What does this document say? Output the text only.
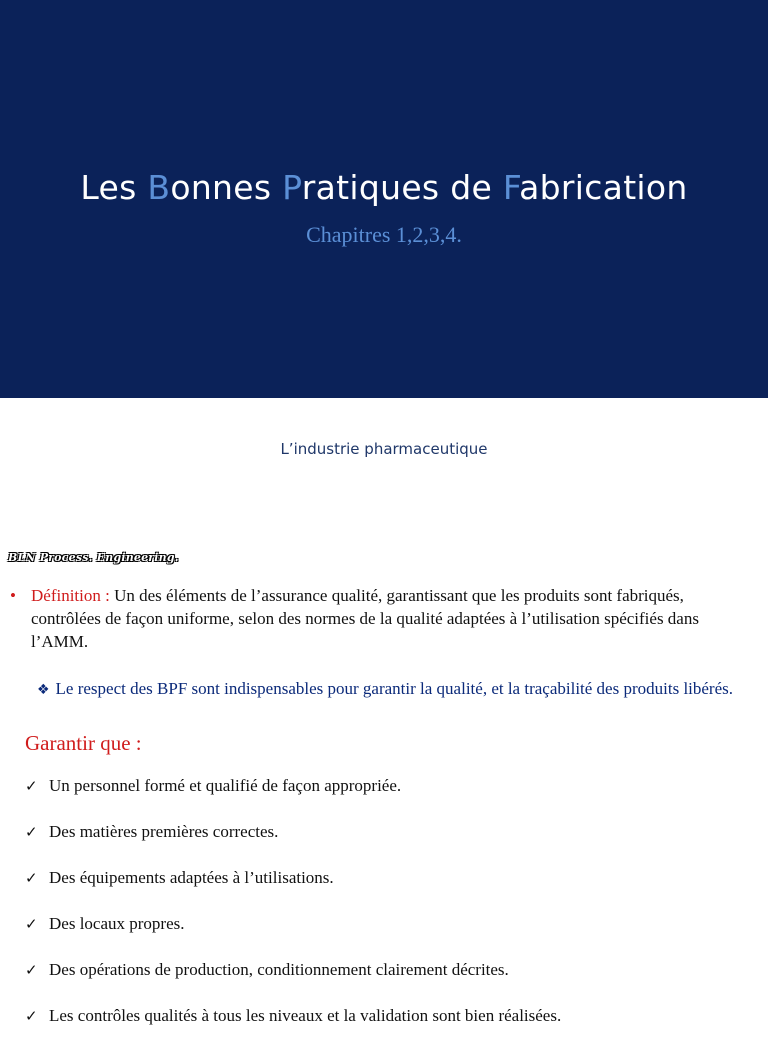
Les Bonnes Pratiques de Fabrication

Chapitres 1,2,3,4.

L’industrie pharmaceutique
BLN Process. Engineering.
• Définition : Un des éléments de l’assurance qualité, garantissant que les produits sont fabriqués, contrôlées de façon uniforme, selon des normes de la qualité adaptées à l’utilisation spécifiés dans l’AMM.
❖ Le respect des BPF sont indispensables pour garantir la qualité, et la traçabilité des produits libérés.
Garantir que :
✓ Un personnel formé et qualifié de façon appropriée.
✓ Des matières premières correctes.
✓ Des équipements adaptées à l’utilisations.
✓ Des locaux propres.
✓ Des opérations de production, conditionnement clairement décrites.
✓ Les contrôles qualités à tous les niveaux et la validation sont bien réalisées.
